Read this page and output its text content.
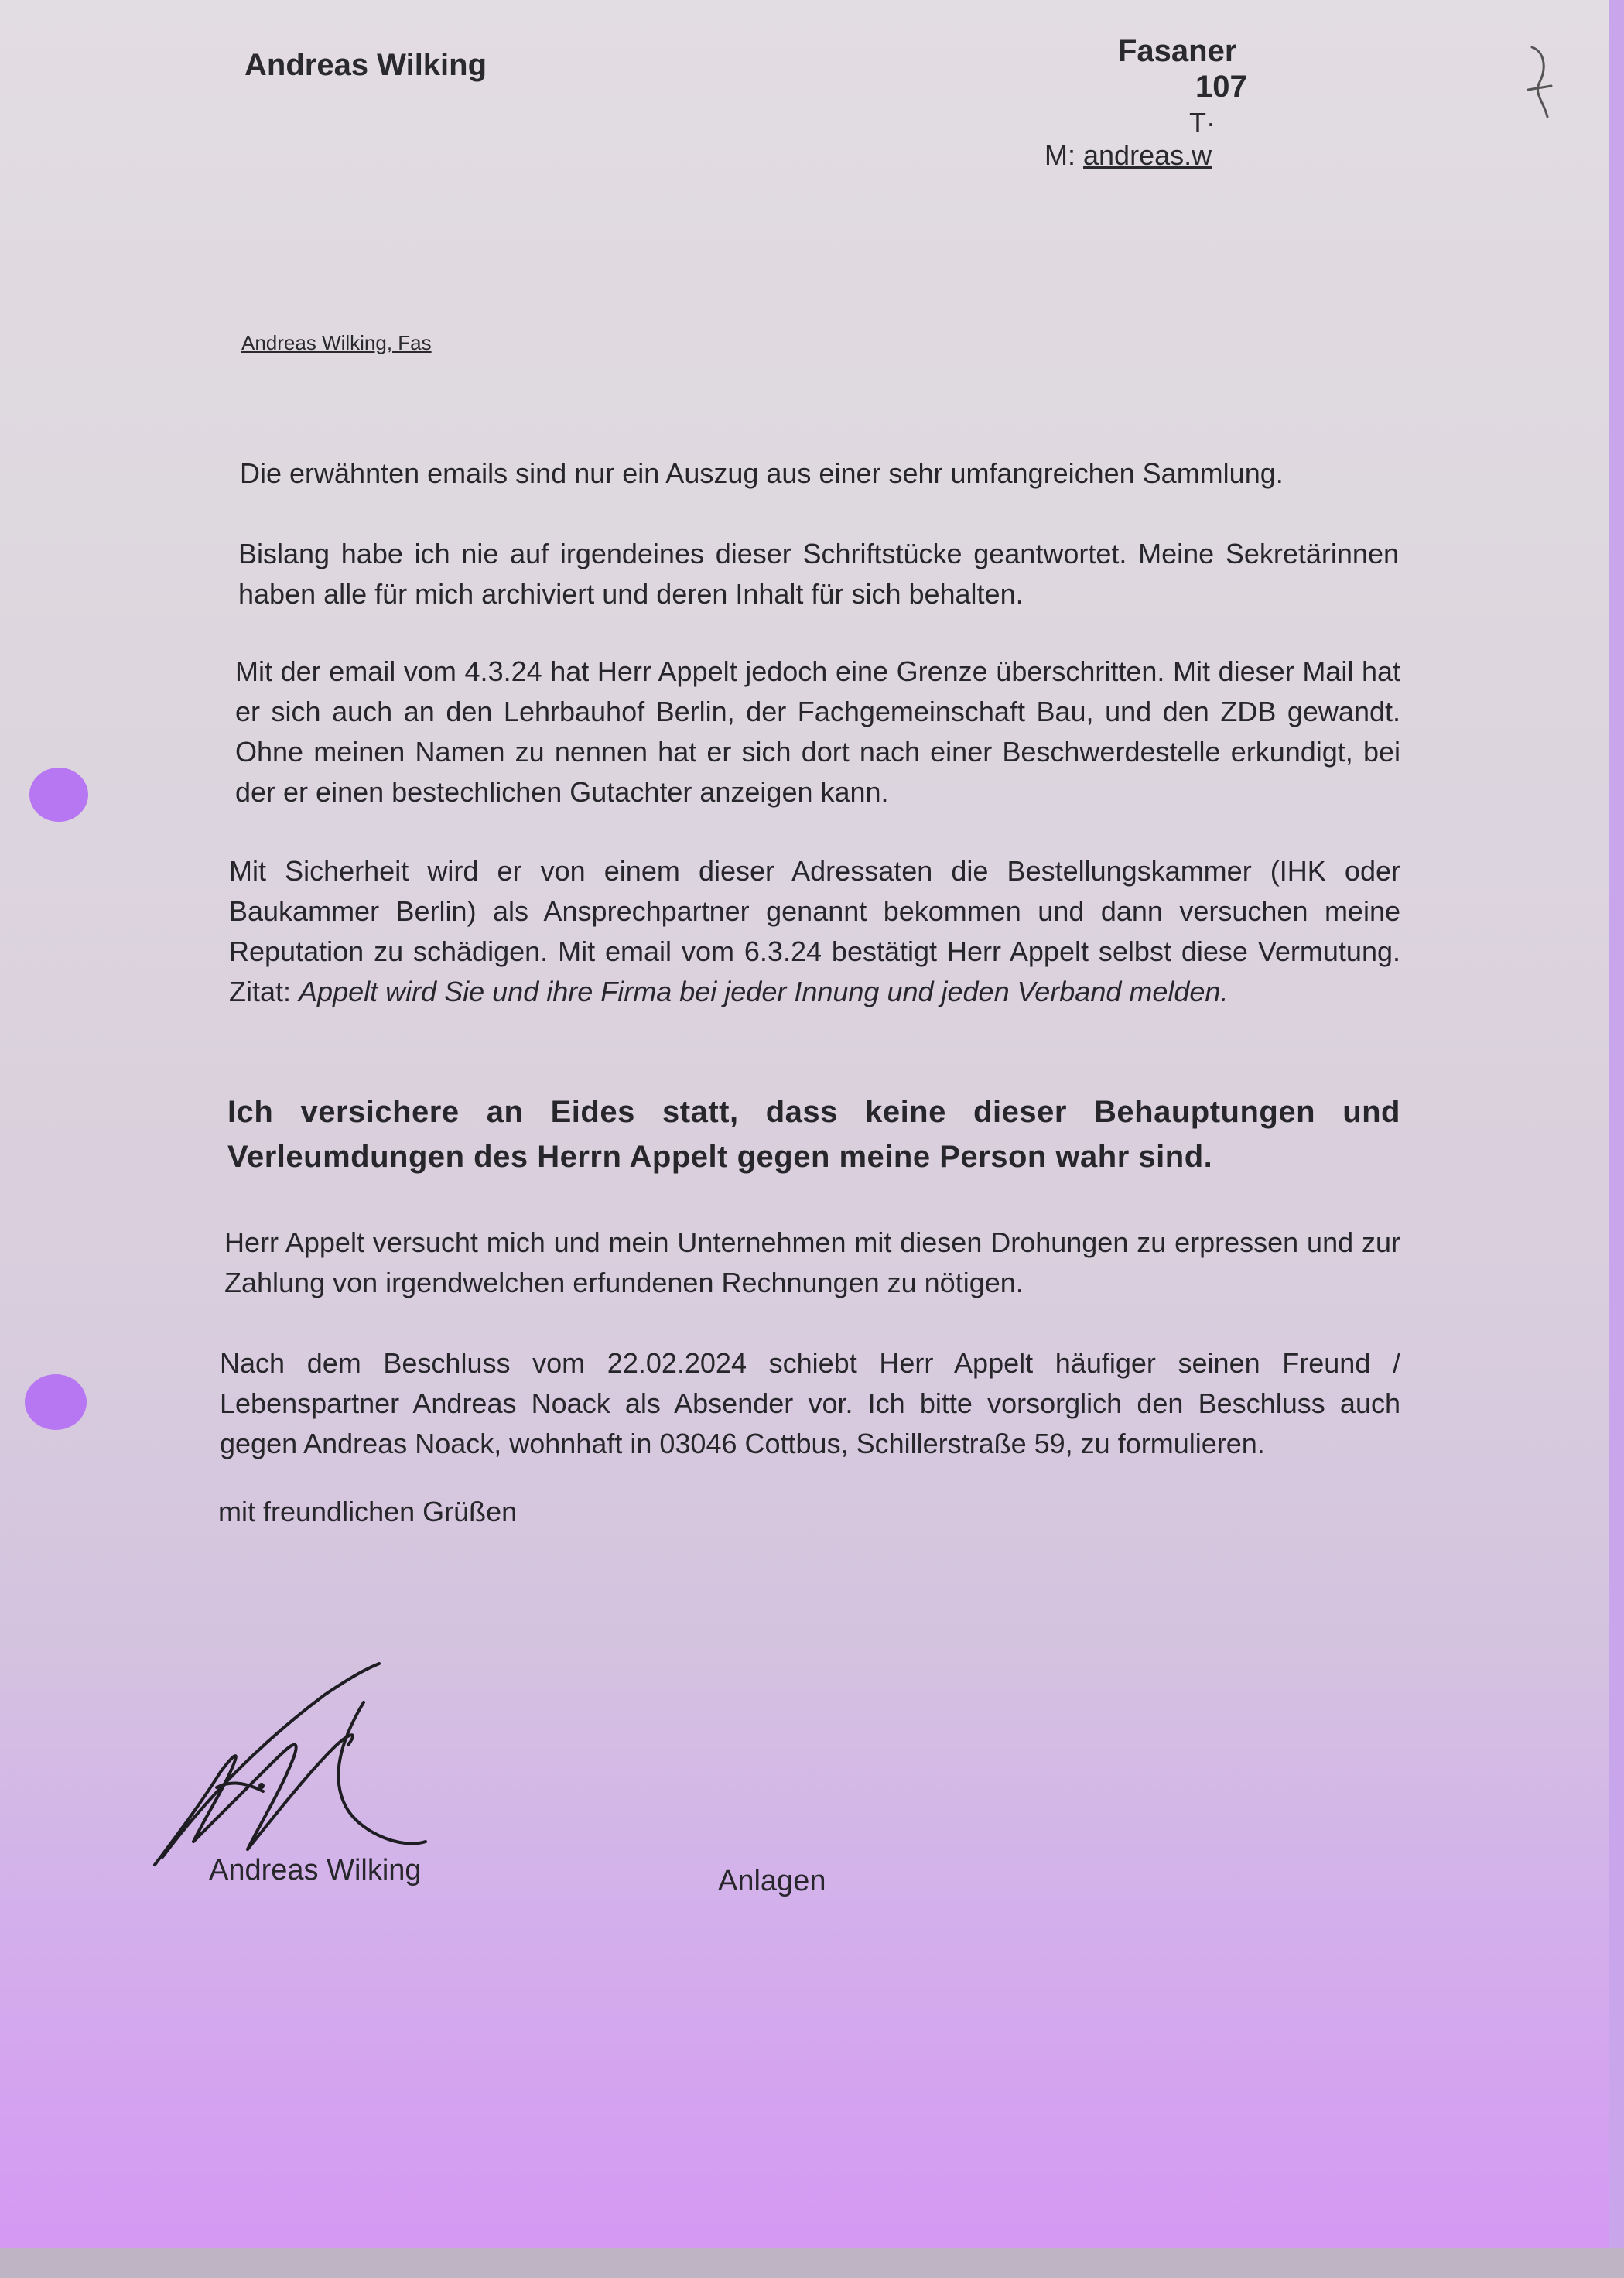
Andreas Wilking	Fasaner
107
T·
M: andreas.w
Andreas Wilking, Fas

Die erwähnten emails sind nur ein Auszug aus einer sehr umfangreichen Sammlung.

Bislang habe ich nie auf irgendeines dieser Schriftstücke geantwortet. Meine Sekretärinnen haben alle für mich archiviert und deren Inhalt für sich behalten.

Mit der email vom 4.3.24 hat Herr Appelt jedoch eine Grenze überschritten. Mit dieser Mail hat er sich auch an den Lehrbauhof Berlin, der Fachgemeinschaft Bau, und den ZDB gewandt. Ohne meinen Namen zu nennen hat er sich dort nach einer Beschwerdestelle erkundigt, bei der er einen bestechlichen Gutachter anzeigen kann.

Mit Sicherheit wird er von einem dieser Adressaten die Bestellungskammer (IHK oder Baukammer Berlin) als Ansprechpartner genannt bekommen und dann versuchen meine Reputation zu schädigen. Mit email vom 6.3.24 bestätigt Herr Appelt selbst diese Vermutung. Zitat: Appelt wird Sie und ihre Firma bei jeder Innung und jeden Verband melden.

Ich versichere an Eides statt, dass keine dieser Behauptungen und Verleumdungen des Herrn Appelt gegen meine Person wahr sind.

Herr Appelt versucht mich und mein Unternehmen mit diesen Drohungen zu erpressen und zur Zahlung von irgendwelchen erfundenen Rechnungen zu nötigen.

Nach dem Beschluss vom 22.02.2024 schiebt Herr Appelt häufiger seinen Freund / Lebenspartner Andreas Noack als Absender vor. Ich bitte vorsorglich den Beschluss auch gegen Andreas Noack, wohnhaft in 03046 Cottbus, Schillerstraße 59, zu formulieren.

mit freundlichen Grüßen
Andreas Wilking	Anlagen
